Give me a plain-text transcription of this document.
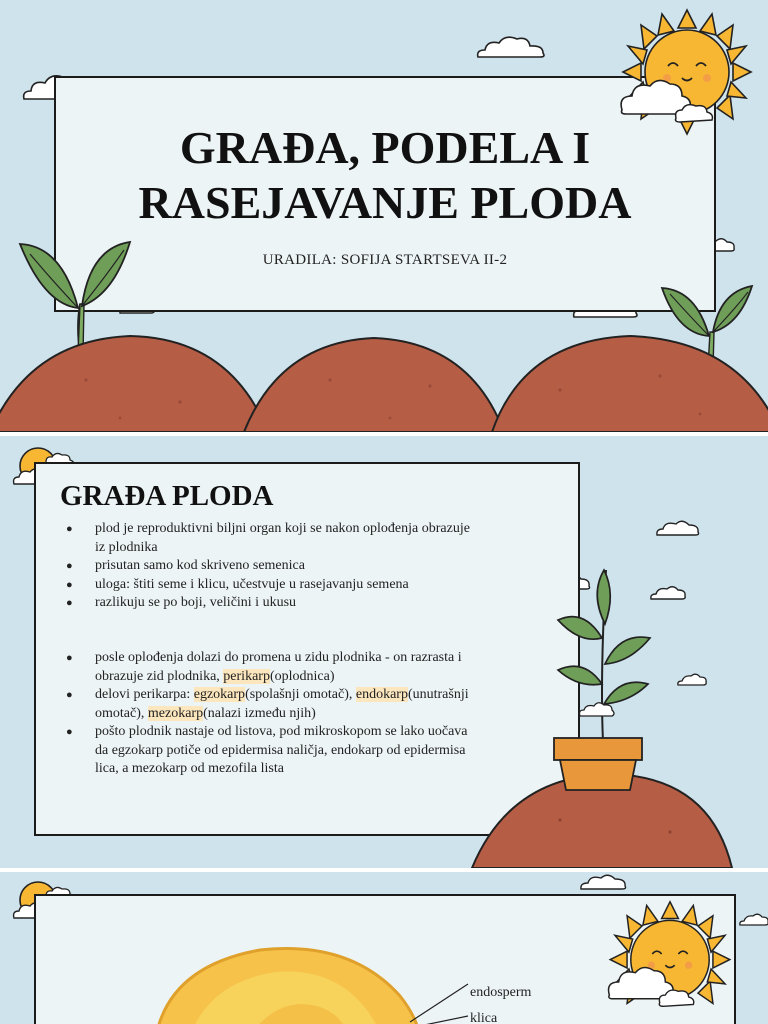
GRAĐA, PODELA I
RASEJAVANJE PLODA
URADILA: SOFIJA STARTSEVA II-2
GRAĐA PLODA
● plod je reproduktivni biljni organ koji se nakon oplođenja obrazuje iz plodnika
● prisutan samo kod skriveno semenica
● uloga: štiti seme i klicu, učestvuje u rasejavanju semena
● razlikuju se po boji, veličini i ukusu
● posle oplođenja dolazi do promena u zidu plodnika - on razrasta i obrazuje zid plodnika, perikarp(oplodnica)
● delovi perikarpa: egzokarp(spolašnji omotač), endokarp(unutrašnji omotač), mezokarp(nalazi između njih)
● pošto plodnik nastaje od listova, pod mikroskopom se lako uočava da egzokarp potiče od epidermisa naličja, endokarp od epidermisa lica, a mezokarp od mezofila lista
endosperm
klica
